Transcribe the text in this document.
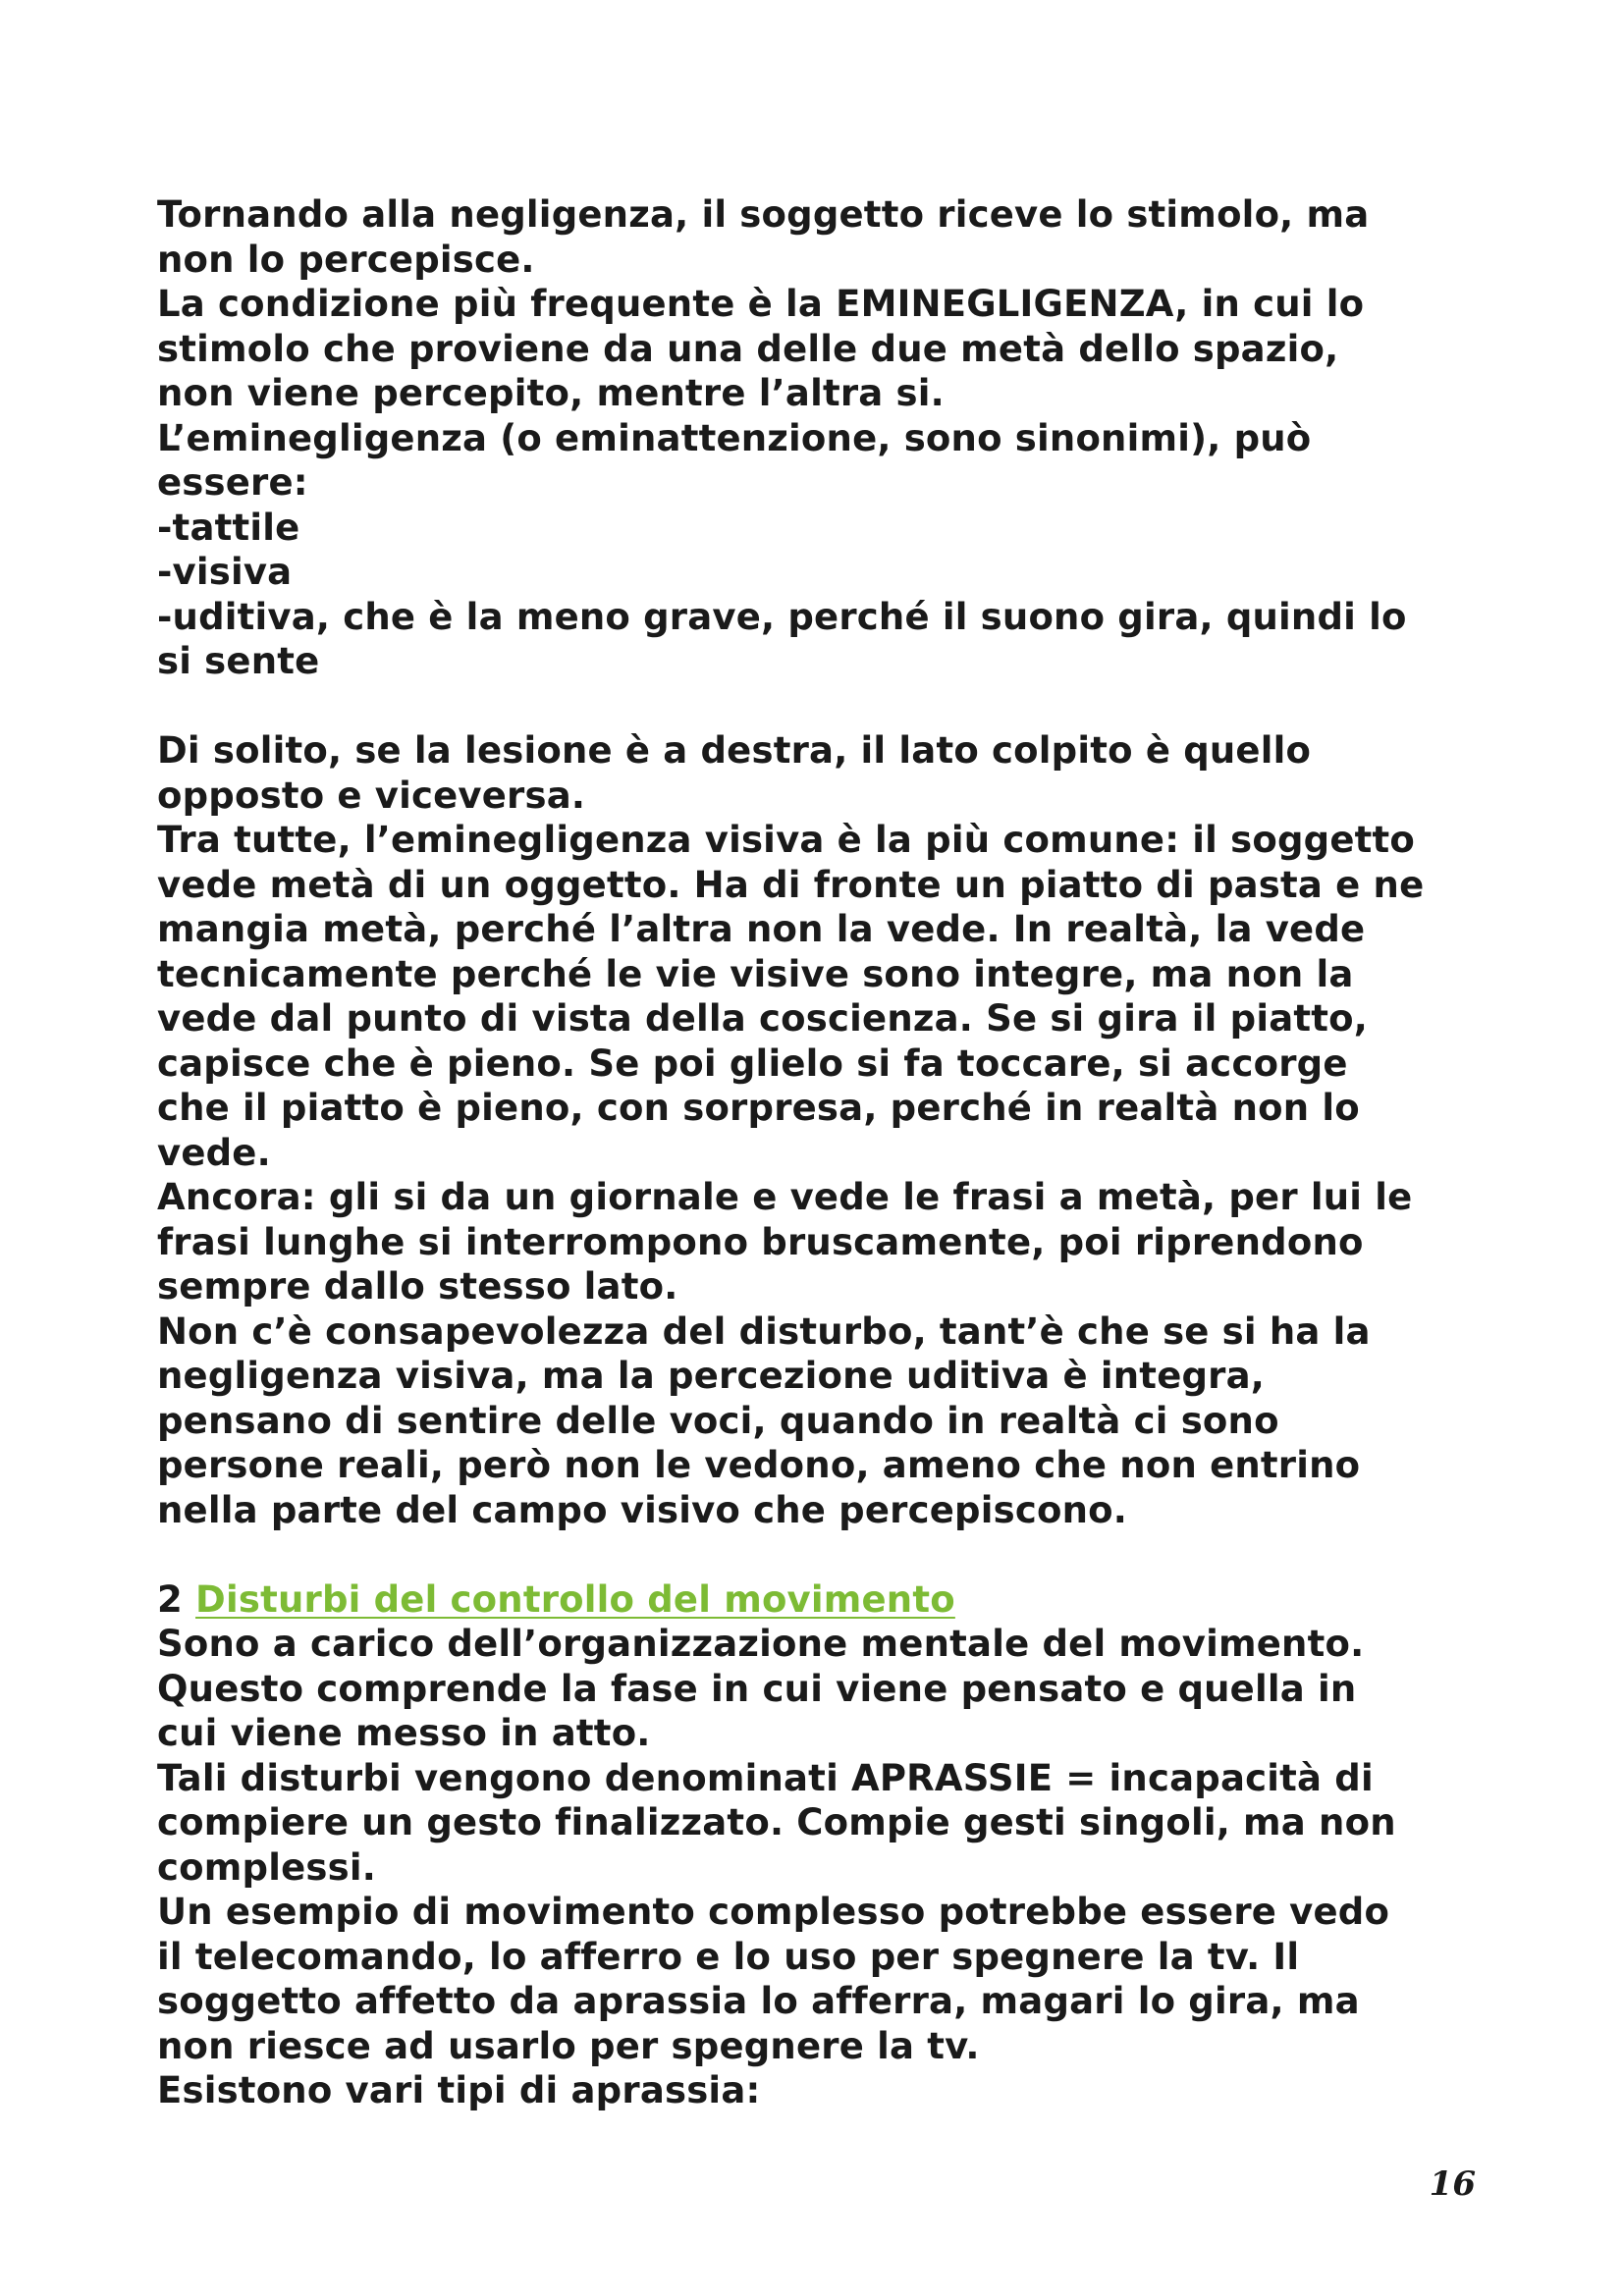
Tornando alla negligenza, il soggetto riceve lo stimolo, ma
non lo percepisce.
La condizione più frequente è la EMINEGLIGENZA, in cui lo
stimolo che proviene da una delle due metà dello spazio,
non viene percepito, mentre l’altra si.
L’eminegligenza (o eminattenzione, sono sinonimi), può
essere:
-tattile
-visiva
-uditiva, che è la meno grave, perché il suono gira, quindi lo
si sente
Di solito, se la lesione è a destra, il lato colpito è quello
opposto e viceversa.
Tra tutte, l’eminegligenza visiva è la più comune: il soggetto
vede metà di un oggetto. Ha di fronte un piatto di pasta e ne
mangia metà, perché l’altra non la vede. In realtà, la vede
tecnicamente perché le vie visive sono integre, ma non la
vede dal punto di vista della coscienza. Se si gira il piatto,
capisce che è pieno. Se poi glielo si fa toccare, si accorge
che il piatto è pieno, con sorpresa, perché in realtà non lo
vede.
Ancora: gli si da un giornale e vede le frasi a metà, per lui le
frasi lunghe si interrompono bruscamente, poi riprendono
sempre dallo stesso lato.
Non c’è consapevolezza del disturbo, tant’è che se si ha la
negligenza visiva, ma la percezione uditiva è integra,
pensano di sentire delle voci, quando in realtà ci sono
persone reali, però non le vedono, ameno che non entrino
nella parte del campo visivo che percepiscono.
2 Disturbi del controllo del movimento
Sono a carico dell’organizzazione mentale del movimento.
Questo comprende la fase in cui viene pensato e quella in
cui viene messo in atto.
Tali disturbi vengono denominati APRASSIE = incapacità di
compiere un gesto finalizzato. Compie gesti singoli, ma non
complessi.
Un esempio di movimento complesso potrebbe essere vedo
il telecomando, lo afferro e lo uso per spegnere la tv. Il
soggetto affetto da aprassia lo afferra, magari lo gira, ma
non riesce ad usarlo per spegnere la tv.
Esistono vari tipi di aprassia:
16
